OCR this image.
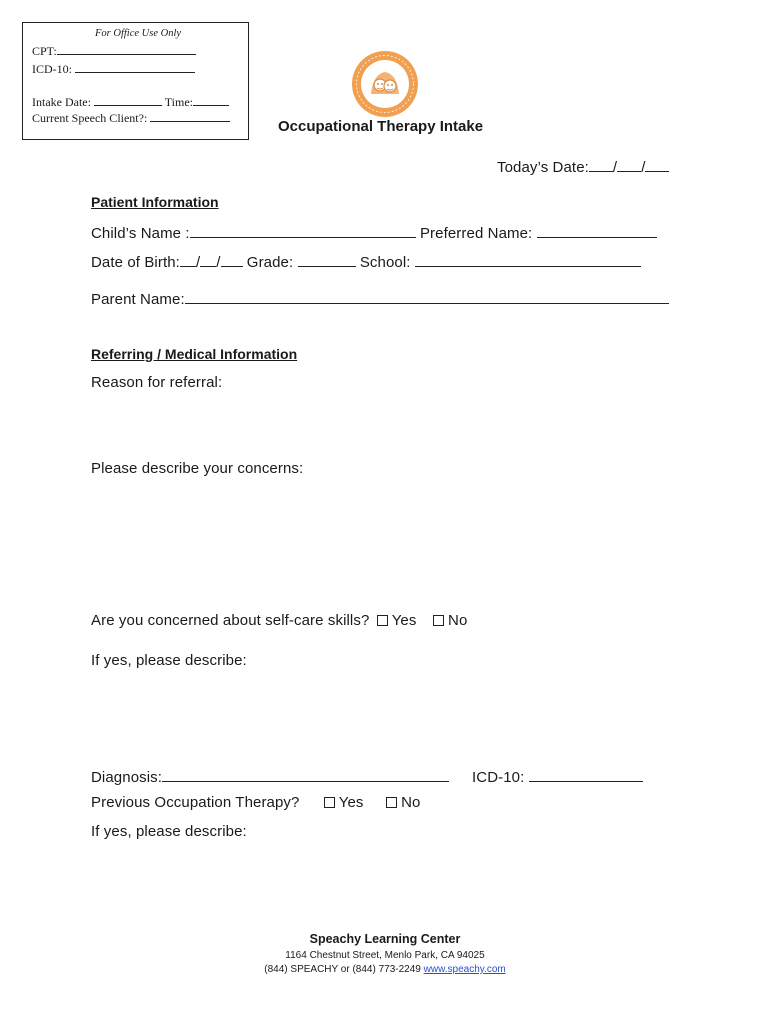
For Office Use Only
CPT:
ICD-10:
Intake Date:	Time:
Current Speech Client?:	Occupational Therapy Intake
Today’s Date: / /
Patient Information
Child’s Name :	Preferred Name:
Date of Birth: / / Grade:	School:
Parent Name:
Referring / Medical Information
Reason for referral:
Please describe your concerns:
Are you concerned about self-care skills? Yes No
If yes, please describe:
Diagnosis:	ICD-10:
Previous Occupation Therapy?	Yes	No
If yes, please describe:
Speachy Learning Center
1164 Chestnut Street, Menlo Park, CA 94025
(844) SPEACHY or (844) 773-2249 www.speachy.com
